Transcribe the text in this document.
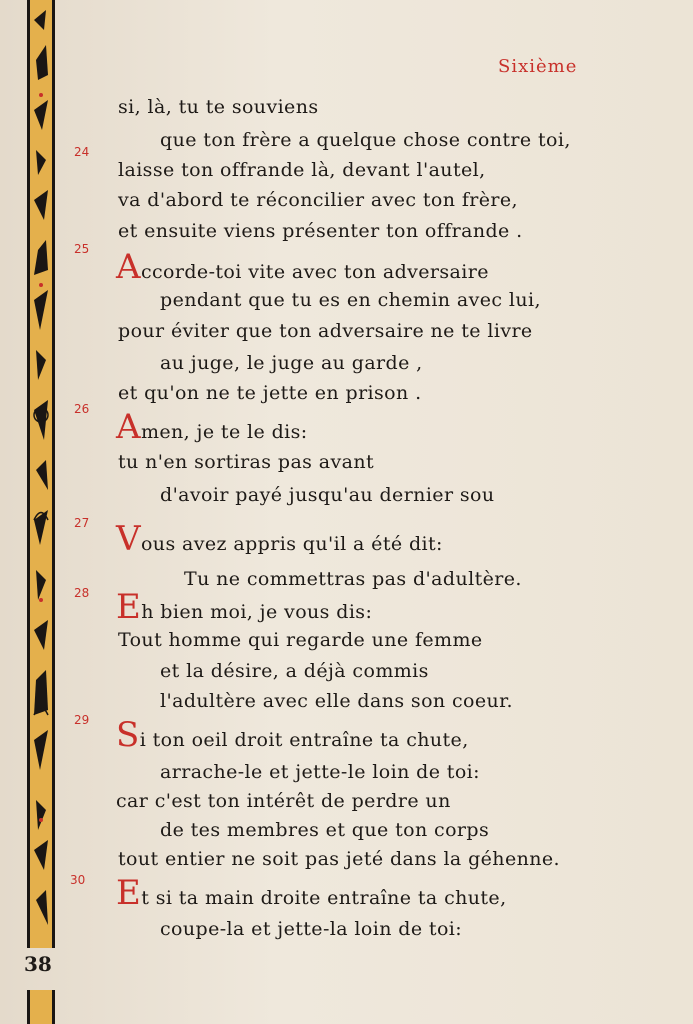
Sixième
24
si, là, tu te souviens
que ton frère a quelque chose contre toi,
laisse ton offrande là, devant l'autel,
va d'abord te réconcilier avec ton frère,
et ensuite viens présenter ton offrande .
25 Accorde-toi vite avec ton adversaire
pendant que tu es en chemin avec lui,
pour éviter que ton adversaire ne te livre
au juge, le juge au garde ,
et qu'on ne te jette en prison .
26 Amen, je te le dis:
tu n'en sortiras pas avant
d'avoir payé jusqu'au dernier sou
27 Vous avez appris qu'il a été dit:
Tu ne commettras pas d'adultère.
28 Eh bien moi, je vous dis:
Tout homme qui regarde une femme
et la désire, a déjà commis
l'adultère avec elle dans son coeur.
29 Si ton oeil droit entraîne ta chute,
arrache-le et jette-le loin de toi:
car c'est ton intérêt de perdre un
de tes membres et que ton corps
tout entier ne soit pas jeté dans la géhenne.
30 Et si ta main droite entraîne ta chute,
coupe-la et jette-la loin de toi:
38
